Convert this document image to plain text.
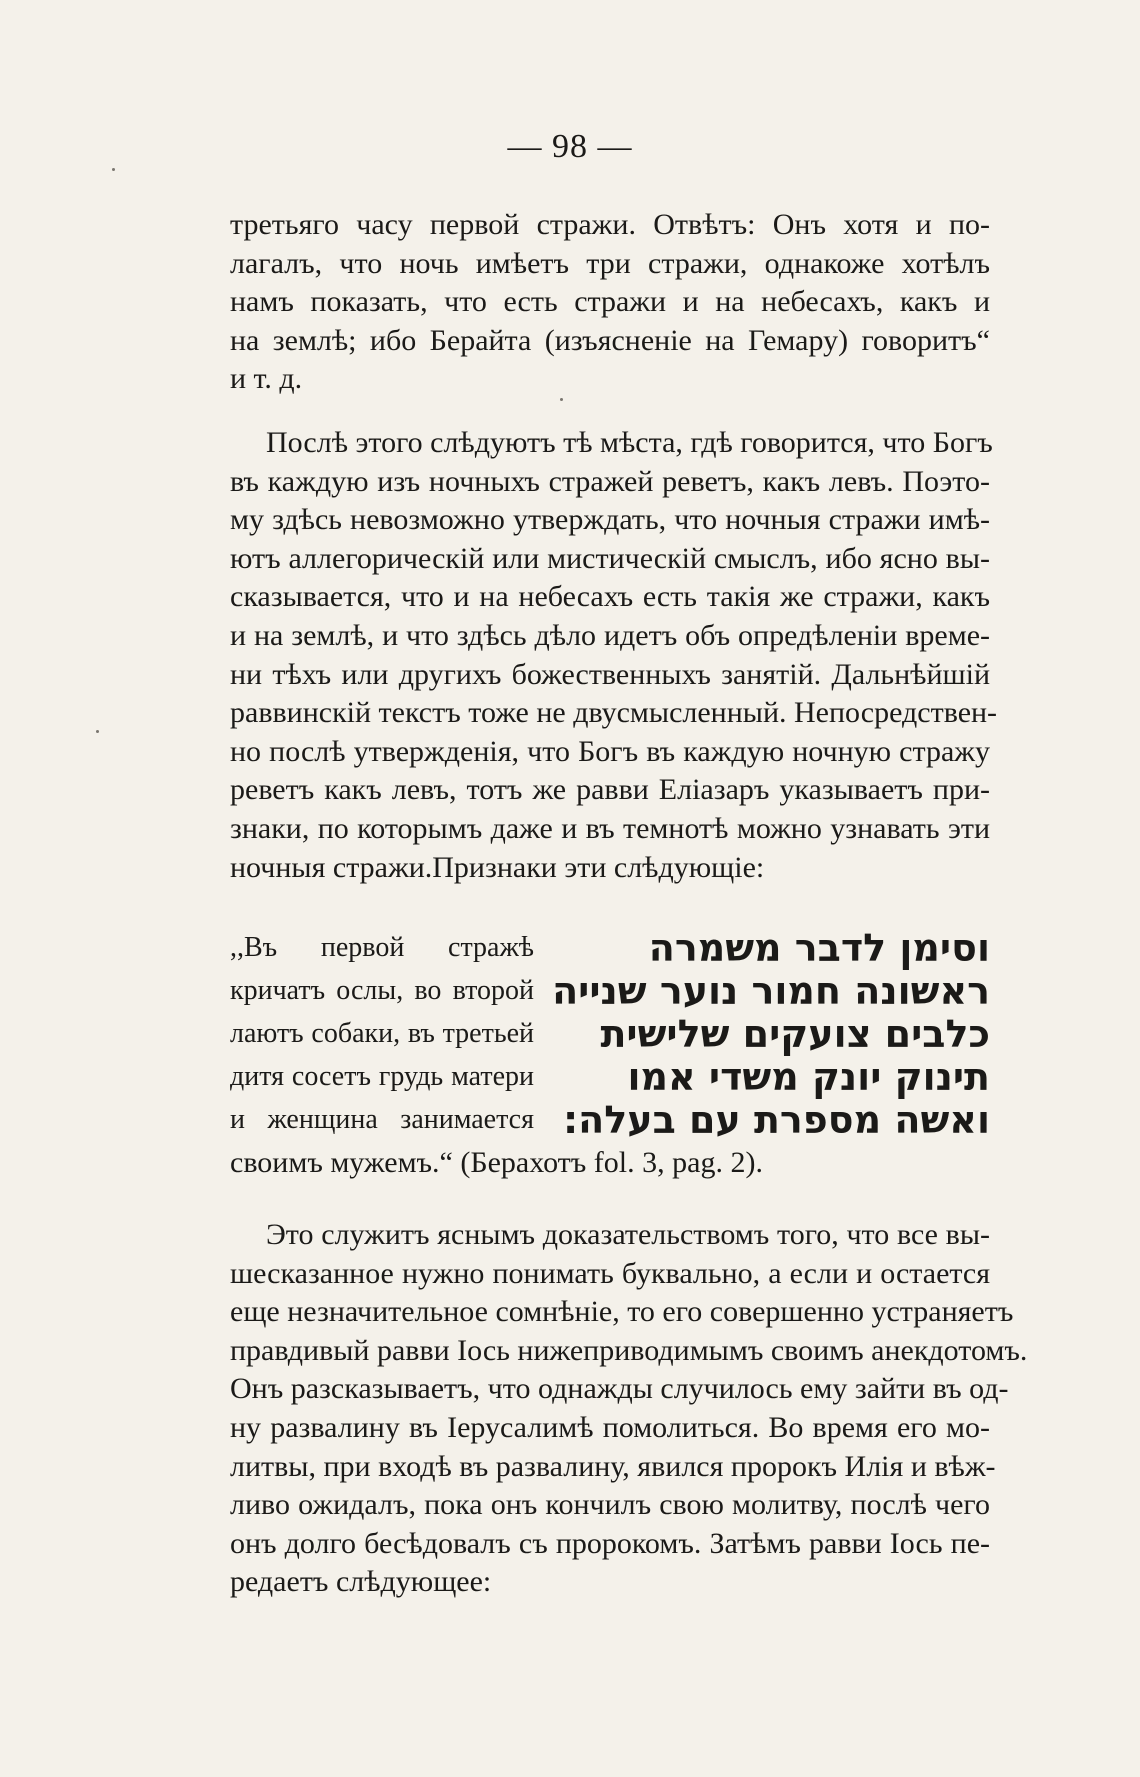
— 98 —
третьяго часу первой стражи. Отвѣтъ: Онъ хотя и по-
лагалъ, что ночь имѣетъ три стражи, однакоже хотѣлъ
намъ показать, что есть стражи и на небесахъ, какъ и
на землѣ; ибо Берайта (изъясненіе на Гемару) говоритъ“
и т. д.
Послѣ этого слѣдуютъ тѣ мѣста, гдѣ говорится, что Богъ
въ каждую изъ ночныхъ стражей реветъ, какъ левъ. Поэто-
му здѣсь невозможно утверждать, что ночныя стражи имѣ-
ютъ аллегорическій или мистическій смыслъ, ибо ясно вы-
сказывается, что и на небесахъ есть такія же стражи, какъ
и на землѣ, и что здѣсь дѣло идетъ объ опредѣленіи време-
ни тѣхъ или другихъ божественныхъ занятій. Дальнѣйшій
раввинскій текстъ тоже не двусмысленный. Непосредствен-
но послѣ утвержденія, что Богъ въ каждую ночную стражу
реветъ какъ левъ, тотъ же равви Еліазаръ указываетъ при-
знаки, по которымъ даже и въ темнотѣ можно узнавать эти
ночныя стражи.Признаки эти слѣдующіе:
,,Въ первой стражѣ	וסימן לדבר משמרה
кричатъ ослы, во второй ראשונה חמור נוער שנייה
лаютъ собаки, въ третьей	כלבים צועקים שלישית
дитя сосетъ грудь матери	תינוק יונק משדי אמו
и женщина занимается ואשה מספרת עם בעלה:
своимъ мужемъ.“ (Берахотъ fol. 3, pag. 2).
Это служитъ яснымъ доказательствомъ того, что все вы-
шесказанное нужно понимать буквально, а если и остается
еще незначительное сомнѣніе, то его совершенно устраняетъ
правдивый равви Іось нижеприводимымъ своимъ анекдотомъ.
Онъ разсказываетъ, что однажды случилось ему зайти въ од-
ну развалину въ Іерусалимѣ помолиться. Во время его мо-
литвы, при входѣ въ развалину, явился пророкъ Илія и вѣж-
ливо ожидалъ, пока онъ кончилъ свою молитву, послѣ чего
онъ долго бесѣдовалъ съ пророкомъ. Затѣмъ равви Іось пе-
редаетъ слѣдующее:
